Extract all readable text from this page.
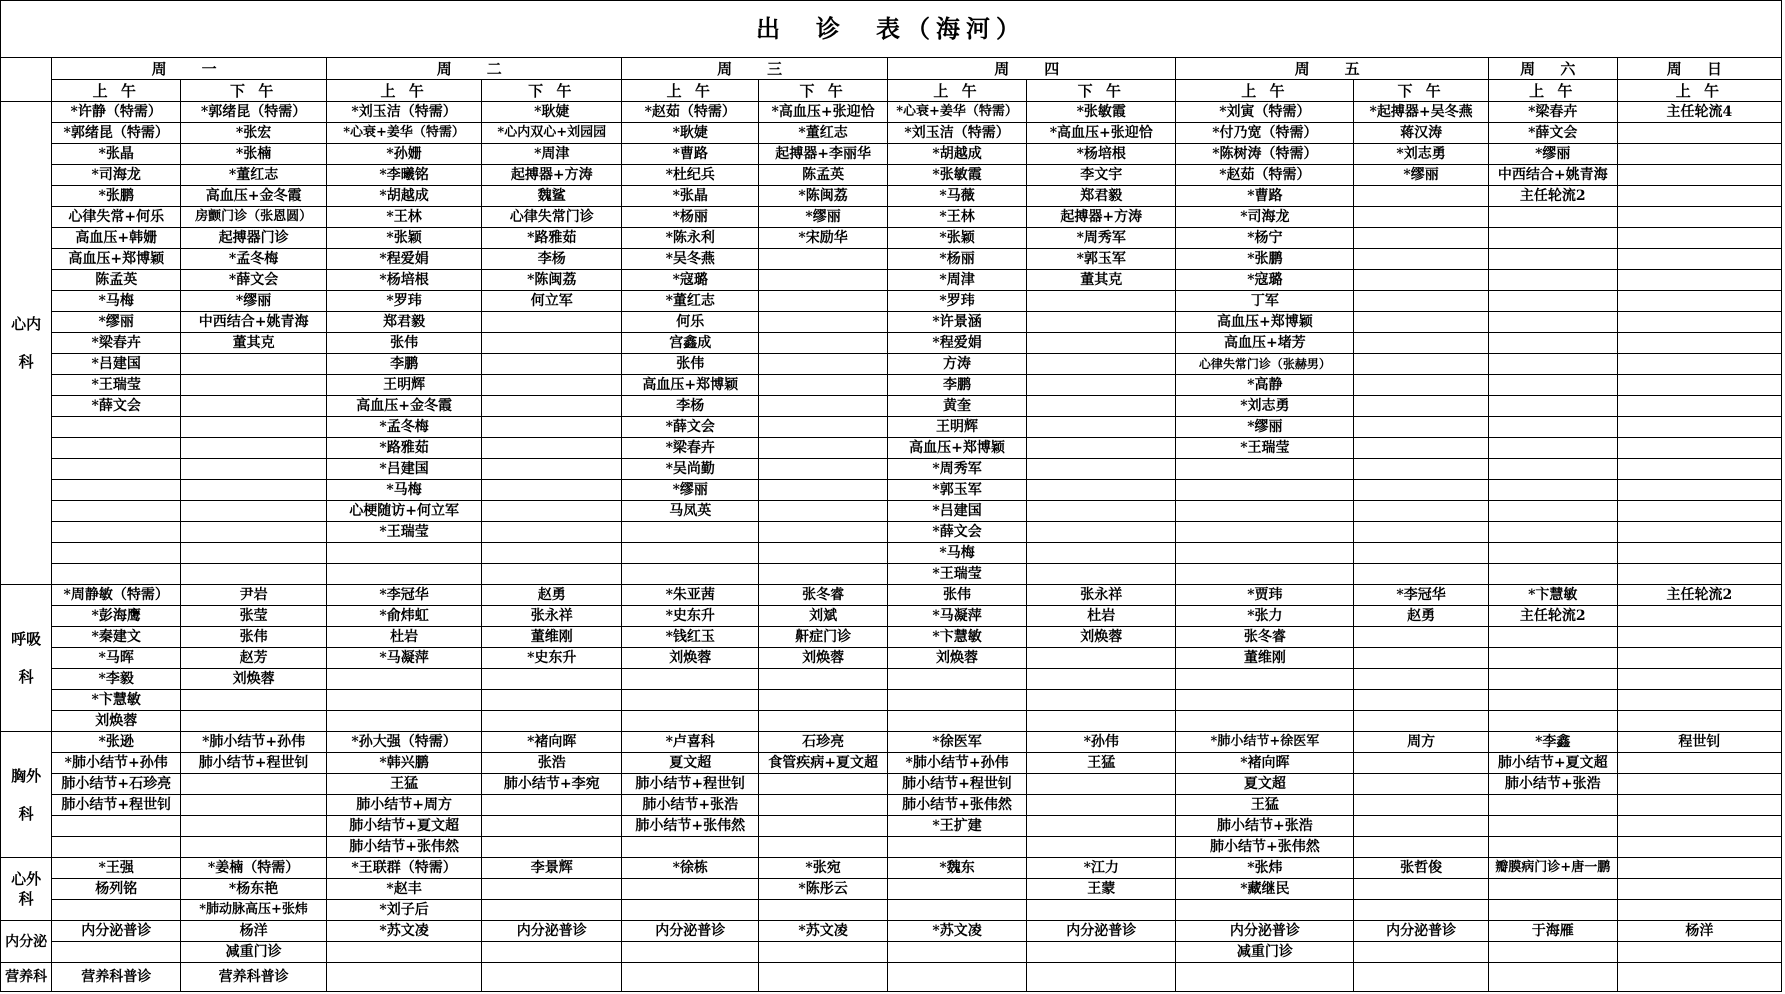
出　诊　表（海河）												
	周　一		周　二		周　三		周　四		周　五		周 六	周 日
	上 午	下 午	上 午	下 午	上 午	下 午	上 午	下 午	上 午	下 午	上 午	上 午
心内科	*许静（特需）	*郭绪昆（特需）	*刘玉洁（特需）	*耿婕	*赵茹（特需）	*高血压+张迎恰	*心衰+姜华（特需）	*张敏霞	*刘寅（特需）	*起搏器+吴冬燕	*梁春卉	主任轮流4
	*郭绪昆（特需）	*张宏	*心衰+姜华（特需）	*心内双心+刘园园	*耿婕	*董红志	*刘玉洁（特需）	*高血压+张迎恰	*付乃宽（特需）	蒋汉涛	*薛文会	
	*张晶	*张楠	*孙姗	*周津	*曹路	起搏器+李丽华	*胡越成	*杨培根	*陈树涛（特需）	*刘志勇	*缪丽	
	*司海龙	*董红志	*李曦铭	起搏器+方涛	*杜纪兵	陈孟英	*张敏霞	李文宇	*赵茹（特需）	*缪丽	中西结合+姚青海	
	*张鹏	高血压+金冬霞	*胡越成	魏鲨	*张晶	*陈闽荔	*马薇	郑君毅	*曹路		主任轮流2	
	心律失常+何乐	房颤门诊（张恩圆）	*王林	心律失常门诊	*杨丽	*缪丽	*王林	起搏器+方涛	*司海龙			
	高血压+韩姗	起搏器门诊	*张颖	*路雅茹	*陈永利	*宋励华	*张颖	*周秀军	*杨宁			
	高血压+郑博颖	*孟冬梅	*程爱娟	李杨	*吴冬燕		*杨丽	*郭玉军	*张鹏			
	陈孟英	*薛文会	*杨培根	*陈闽荔	*寇璐		*周津	董其克	*寇璐			
	*马梅	*缪丽	*罗玮	何立军	*董红志		*罗玮		丁军			
	*缪丽	中西结合+姚青海	郑君毅		何乐		*许景涵		高血压+郑博颖			
	*梁春卉	董其克	张伟		宫鑫成		*程爱娟		高血压+堵芳			
	*吕建国		李鹏		张伟		方涛		心律失常门诊（张赫男）			
	*王瑞莹		王明辉		高血压+郑博颖		李鹏		*高静			
	*薛文会		高血压+金冬霞		李杨		黄奎		*刘志勇			
			*孟冬梅		*薛文会		王明辉		*缪丽			
			*路雅茹		*梁春卉		高血压+郑博颖		*王瑞莹			
			*吕建国		*吴尚勤		*周秀军					
			*马梅		*缪丽		*郭玉军					
			心梗随访+何立军		马凤英		*吕建国					
			*王瑞莹				*薛文会					
							*马梅					
							*王瑞莹					
呼吸科	*周静敏（特需）	尹岩	*李冠华	赵勇	*朱亚茜	张冬睿	张伟	张永祥	*贾玮	*李冠华	*卞慧敏	主任轮流2
	*彭海鹰	张莹	*俞炜虹	张永祥	*史东升	刘斌	*马凝萍	杜岩	*张力	赵勇	主任轮流2	
	*秦建文	张伟	杜岩	董维刚	*钱红玉	鼾症门诊	*卞慧敏	刘焕蓉	张冬睿			
	*马晖	赵芳	*马凝萍	*史东升	刘焕蓉	刘焕蓉	刘焕蓉		董维刚			
	*李毅	刘焕蓉										
	*卞慧敏											
	刘焕蓉											
胸外科	*张逊	*肺小结节+孙伟	*孙大强（特需）	*褚向晖	*卢喜科	石珍亮	*徐医军	*孙伟	*肺小结节+徐医军	周方	*李鑫	程世钊
	*肺小结节+孙伟	肺小结节+程世钊	*韩兴鹏	张浩	夏文超	食管疾病+夏文超	*肺小结节+孙伟	王猛	*褚向晖		肺小结节+夏文超	
	肺小结节+石珍亮		王猛	肺小结节+李宛	肺小结节+程世钊		肺小结节+程世钊		夏文超		肺小结节+张浩	
	肺小结节+程世钊		肺小结节+周方		肺小结节+张浩		肺小结节+张伟然		王猛			
			肺小结节+夏文超		肺小结节+张伟然		*王扩建		肺小结节+张浩			
			肺小结节+张伟然						肺小结节+张伟然			
心外科	*王强	*姜楠（特需）	*王联群（特需）	李景辉	*徐栋	*张宛	*魏东	*江力	*张炜	张哲俊	瓣膜病门诊+唐一鹏	
	杨列铭	*杨东艳	*赵丰			*陈彤云		王蒙	*藏继民			
		*肺动脉高压+张炜	*刘子后									
内分泌	内分泌普诊	杨洋	*苏文凌	内分泌普诊	内分泌普诊	*苏文凌	*苏文凌	内分泌普诊	内分泌普诊	内分泌普诊	于海雁	杨洋
		减重门诊							减重门诊			
营养科	营养科普诊	营养科普诊										
